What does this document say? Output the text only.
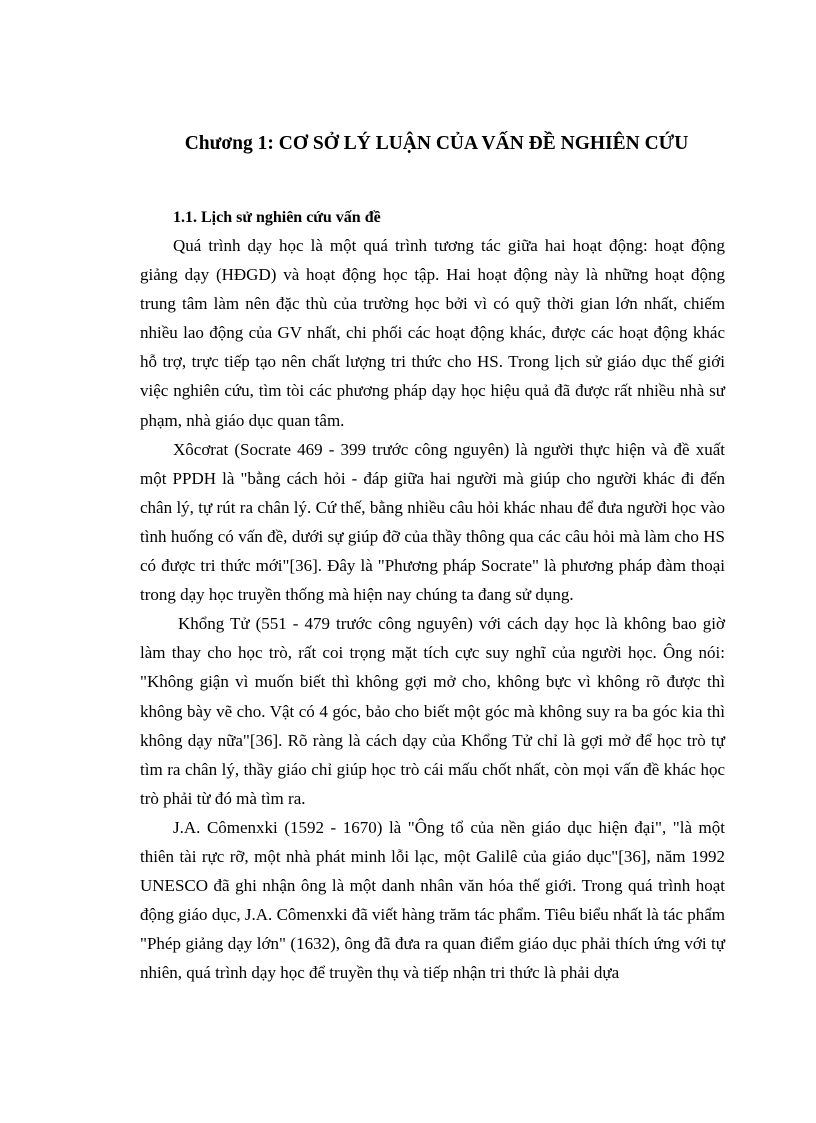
Chương 1: CƠ SỞ LÝ LUẬN CỦA VẤN ĐỀ NGHIÊN CỨU
1.1. Lịch sử nghiên cứu vấn đề

Quá trình dạy học là một quá trình tương tác giữa hai hoạt động: hoạt động giảng dạy (HĐGD) và hoạt động học tập. Hai hoạt động này là những hoạt động trung tâm làm nên đặc thù của trường học bởi vì có quỹ thời gian lớn nhất, chiếm nhiều lao động của GV nhất, chi phối các hoạt động khác, được các hoạt động khác hỗ trợ, trực tiếp tạo nên chất lượng tri thức cho HS. Trong lịch sử giáo dục thế giới việc nghiên cứu, tìm tòi các phương pháp dạy học hiệu quả đã được rất nhiều nhà sư phạm, nhà giáo dục quan tâm.

Xôcơrat (Socrate 469 - 399 trước công nguyên) là người thực hiện và đề xuất một PPDH là "bằng cách hỏi - đáp giữa hai người mà giúp cho người khác đi đến chân lý, tự rút ra chân lý. Cứ thế, bằng nhiều câu hỏi khác nhau để đưa người học vào tình huống có vấn đề, dưới sự giúp đỡ của thầy thông qua các câu hỏi mà làm cho HS có được tri thức mới"[36]. Đây là "Phương pháp Socrate" là phương pháp đàm thoại trong dạy học truyền thống mà hiện nay chúng ta đang sử dụng.

Khổng Tử (551 - 479 trước công nguyên) với cách dạy học là không bao giờ làm thay cho học trò, rất coi trọng mặt tích cực suy nghĩ của người học. Ông nói: "Không giận vì muốn biết thì không gợi mở cho, không bực vì không rõ được thì không bày vẽ cho. Vật có 4 góc, bảo cho biết một góc mà không suy ra ba góc kia thì không dạy nữa"[36]. Rõ ràng là cách dạy của Khổng Tử chỉ là gợi mở để học trò tự tìm ra chân lý, thầy giáo chỉ giúp học trò cái mấu chốt nhất, còn mọi vấn đề khác học trò phải từ đó mà tìm ra.

J.A. Cômenxki (1592 - 1670) là "Ông tổ của nền giáo dục hiện đại", "là một thiên tài rực rỡ, một nhà phát minh lỗi lạc, một Galilê của giáo dục"[36], năm 1992 UNESCO đã ghi nhận ông là một danh nhân văn hóa thế giới. Trong quá trình hoạt động giáo dục, J.A. Cômenxki đã viết hàng trăm tác phẩm. Tiêu biểu nhất là tác phẩm "Phép giảng dạy lớn" (1632), ông đã đưa ra quan điểm giáo dục phải thích ứng với tự nhiên, quá trình dạy học để truyền thụ và tiếp nhận tri thức là phải dựa
